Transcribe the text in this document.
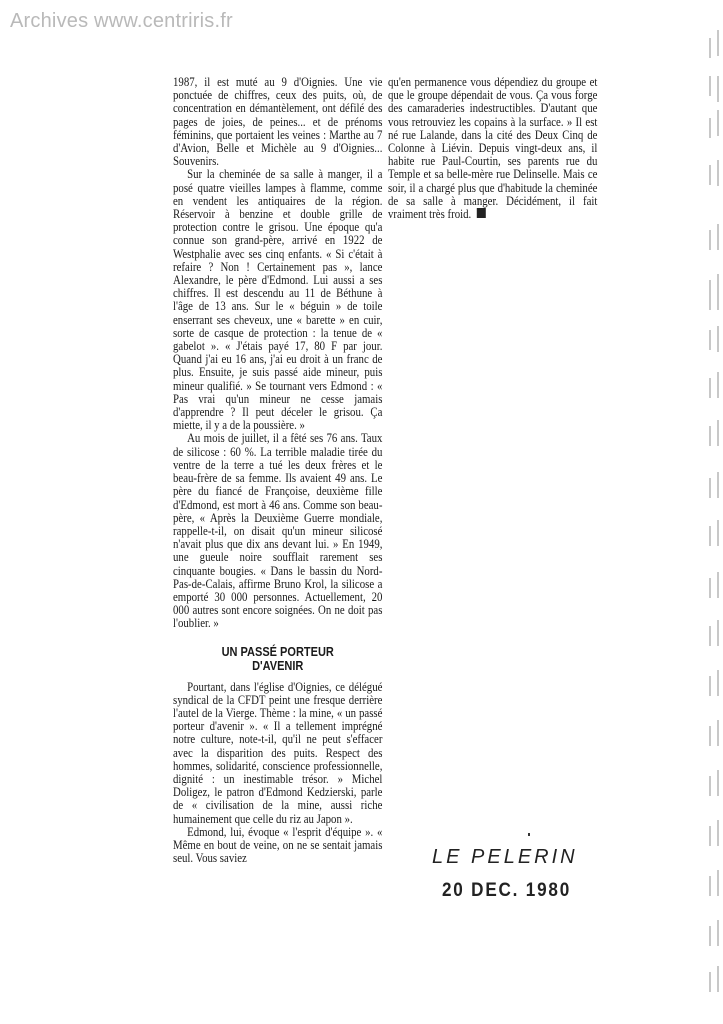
Archives www.centriris.fr

1987, il est muté au 9 d'Oignies. Une vie ponctuée de chiffres, ceux des puits, où, de concentration en démantèlement, ont défilé des pages de joies, de peines... et de prénoms féminins, que portaient les veines : Marthe au 7 d'Avion, Belle et Michèle au 9 d'Oignies... Souvenirs.

Sur la cheminée de sa salle à manger, il a posé quatre vieilles lampes à flamme, comme en vendent les antiquaires de la région. Réservoir à benzine et double grille de protection contre le grisou. Une époque qu'a connue son grand-père, arrivé en 1922 de Westphalie avec ses cinq enfants. « Si c'était à refaire ? Non ! Certainement pas », lance Alexandre, le père d'Edmond. Lui aussi a ses chiffres. Il est descendu au 11 de Béthune à l'âge de 13 ans. Sur le « béguin » de toile enserrant ses cheveux, une « barette » en cuir, sorte de casque de protection : la tenue de « gabelot ». « J'étais payé 17, 80 F par jour. Quand j'ai eu 16 ans, j'ai eu droit à un franc de plus. Ensuite, je suis passé aide mineur, puis mineur qualifié. » Se tournant vers Edmond : « Pas vrai qu'un mineur ne cesse jamais d'apprendre ? Il peut déceler le grisou. Ça miette, il y a de la poussière. »

Au mois de juillet, il a fêté ses 76 ans. Taux de silicose : 60 %. La terrible maladie tirée du ventre de la terre a tué les deux frères et le beau-frère de sa femme. Ils avaient 49 ans. Le père du fiancé de Françoise, deuxième fille d'Edmond, est mort à 46 ans. Comme son beau-père, « Après la Deuxième Guerre mondiale, rappelle-t-il, on disait qu'un mineur silicosé n'avait plus que dix ans devant lui. » En 1949, une gueule noire soufflait rarement ses cinquante bougies. « Dans le bassin du Nord-Pas-de-Calais, affirme Bruno Krol, la silicose a emporté 30 000 personnes. Actuellement, 20 000 autres sont encore soignées. On ne doit pas l'oublier. »

UN PASSÉ PORTEUR
D'AVENIR

Pourtant, dans l'église d'Oignies, ce délégué syndical de la CFDT peint une fresque derrière l'autel de la Vierge. Thème : la mine, « un passé porteur d'avenir ». « Il a tellement imprégné notre culture, note-t-il, qu'il ne peut s'effacer avec la disparition des puits. Respect des hommes, solidarité, conscience professionnelle, dignité : un inestimable trésor. » Michel Doligez, le patron d'Edmond Kedzierski, parle de « civilisation de la mine, aussi riche humainement que celle du riz au Japon ».

Edmond, lui, évoque « l'esprit d'équipe ». « Même en bout de veine, on ne se sentait jamais seul. Vous saviez

qu'en permanence vous dépendiez du groupe et que le groupe dépendait de vous. Ça vous forge des camaraderies indestructibles. D'autant que vous retrouviez les copains à la surface. » Il est né rue Lalande, dans la cité des Deux Cinq de Colonne à Liévin. Depuis vingt-deux ans, il habite rue Paul-Courtin, ses parents rue du Temple et sa belle-mère rue Delinselle. Mais ce soir, il a chargé plus que d'habitude la cheminée de sa salle à manger. Décidément, il fait vraiment très froid.

LE PELERIN
20 DEC. 1980
